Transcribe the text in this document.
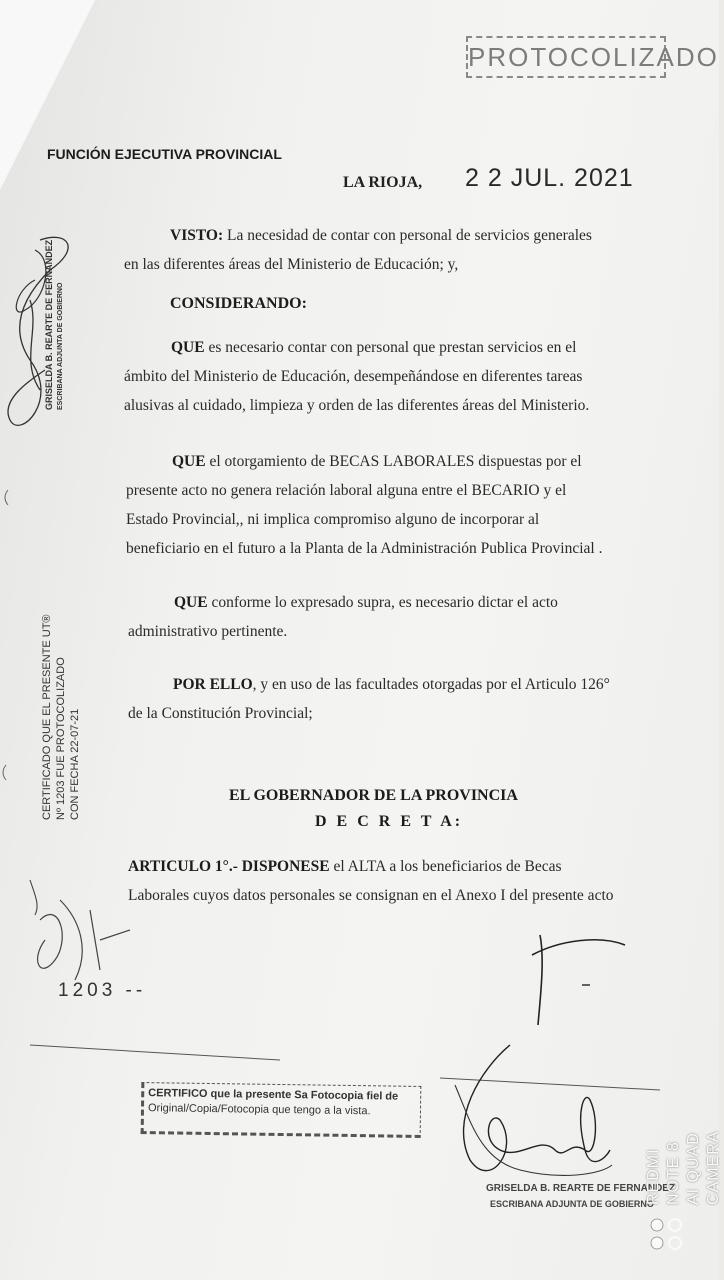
PROTOCOLIZADO
FUNCIÓN EJECUTIVA PROVINCIAL
LA RIOJA, 2 2 JUL. 2021
VISTO: La necesidad de contar con personal de servicios generales
en las diferentes áreas del Ministerio de Educación; y,
CONSIDERANDO:
QUE es necesario contar con personal que prestan servicios en el
ámbito del Ministerio de Educación, desempeñándose en diferentes tareas
alusivas al cuidado, limpieza y orden de las diferentes áreas del Ministerio.
QUE el otorgamiento de BECAS LABORALES dispuestas por el
presente acto no genera relación laboral alguna entre el BECARIO y el
Estado Provincial,, ni implica compromiso alguno de incorporar al
beneficiario en el futuro a la Planta de la Administración Publica Provincial .
QUE conforme lo expresado supra, es necesario dictar el acto
administrativo pertinente.
POR ELLO, y en uso de las facultades otorgadas por el Articulo 126°
de la Constitución Provincial;
EL GOBERNADOR DE LA PROVINCIA
D E C R E T A:
ARTICULO 1°.- DISPONESE el ALTA a los beneficiarios de Becas
Laborales cuyos datos personales se consignan en el Anexo I del presente acto
GRISELDA B. REARTE DE FERNANDEZ ESCRIBANA ADJUNTA DE GOBIERNO
CERTIFICADO QUE EL PRESENTE UT® Nº 1203 FUE PROTOCOLIZADO CON FECHA 22-07-21
1203 --
CERTIFICO que la presente Sa Fotocopia fiel de
Original/Copia/Fotocopia que tengo a la vista.
GRISELDA B. REARTE DE FERNANDEZ
ESCRIBANA ADJUNTA DE GOBIERNO
REDMI NOTE 8 AI QUAD CAMERA
